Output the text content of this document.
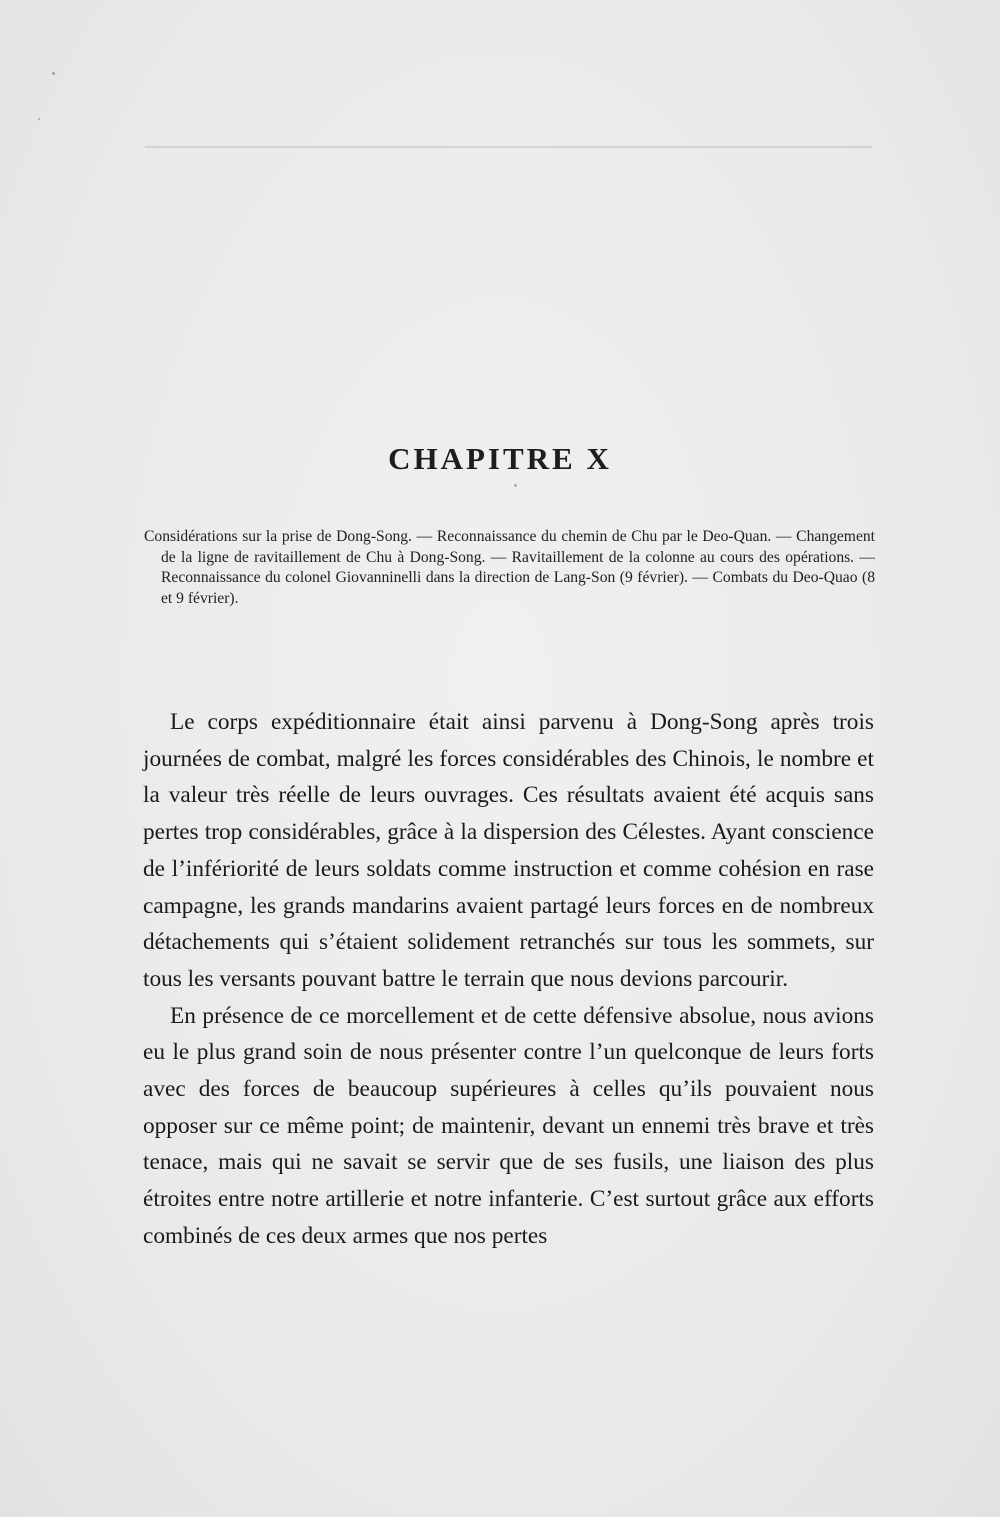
CHAPITRE X

Considérations sur la prise de Dong-Song. — Reconnaissance du chemin de Chu par le Deo-Quan. — Changement de la ligne de ravitaillement de Chu à Dong-Song. — Ravitaillement de la colonne au cours des opérations. — Reconnaissance du colonel Giovanninelli dans la direction de Lang-Son (9 février). — Combats du Deo-Quao (8 et 9 février).

Le corps expéditionnaire était ainsi parvenu à Dong-Song après trois journées de combat, malgré les forces considérables des Chinois, le nombre et la valeur très réelle de leurs ouvrages. Ces résultats avaient été acquis sans pertes trop considérables, grâce à la dispersion des Célestes. Ayant conscience de l’infériorité de leurs soldats comme instruction et comme cohésion en rase campagne, les grands mandarins avaient partagé leurs forces en de nombreux détachements qui s’étaient solidement retranchés sur tous les sommets, sur tous les versants pouvant battre le terrain que nous devions parcourir.

En présence de ce morcellement et de cette défensive absolue, nous avions eu le plus grand soin de nous présenter contre l’un quelconque de leurs forts avec des forces de beaucoup supérieures à celles qu’ils pouvaient nous opposer sur ce même point; de maintenir, devant un ennemi très brave et très tenace, mais qui ne savait se servir que de ses fusils, une liaison des plus étroites entre notre artillerie et notre infanterie. C’est surtout grâce aux efforts combinés de ces deux armes que nos pertes
